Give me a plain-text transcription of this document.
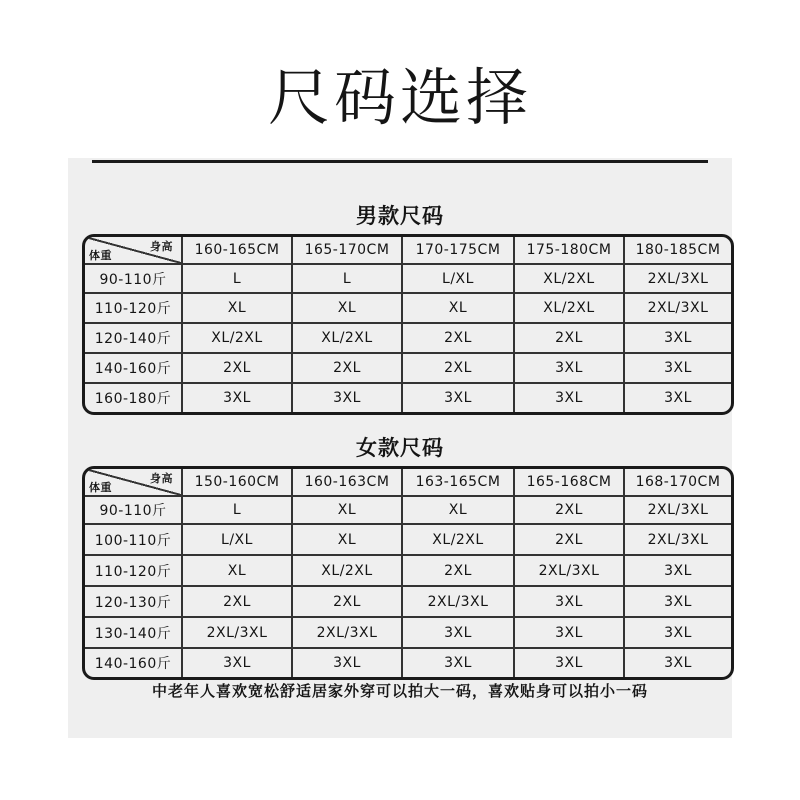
尺码选择
男款尺码
身高
体重	160-165CM	165-170CM	170-175CM	175-180CM	180-185CM
90-110斤	L	L	L/XL	XL/2XL	2XL/3XL
110-120斤	XL	XL	XL	XL/2XL	2XL/3XL
120-140斤	XL/2XL	XL/2XL	2XL	2XL	3XL
140-160斤	2XL	2XL	2XL	3XL	3XL
160-180斤	3XL	3XL	3XL	3XL	3XL
女款尺码
身高
体重	150-160CM	160-163CM	163-165CM	165-168CM	168-170CM
90-110斤	L	XL	XL	2XL	2XL/3XL
100-110斤	L/XL	XL	XL/2XL	2XL	2XL/3XL
110-120斤	XL	XL/2XL	2XL	2XL/3XL	3XL
120-130斤	2XL	2XL	2XL/3XL	3XL	3XL
130-140斤	2XL/3XL	2XL/3XL	3XL	3XL	3XL
140-160斤	3XL	3XL	3XL	3XL	3XL
中老年人喜欢宽松舒适居家外穿可以拍大一码，喜欢贴身可以拍小一码
